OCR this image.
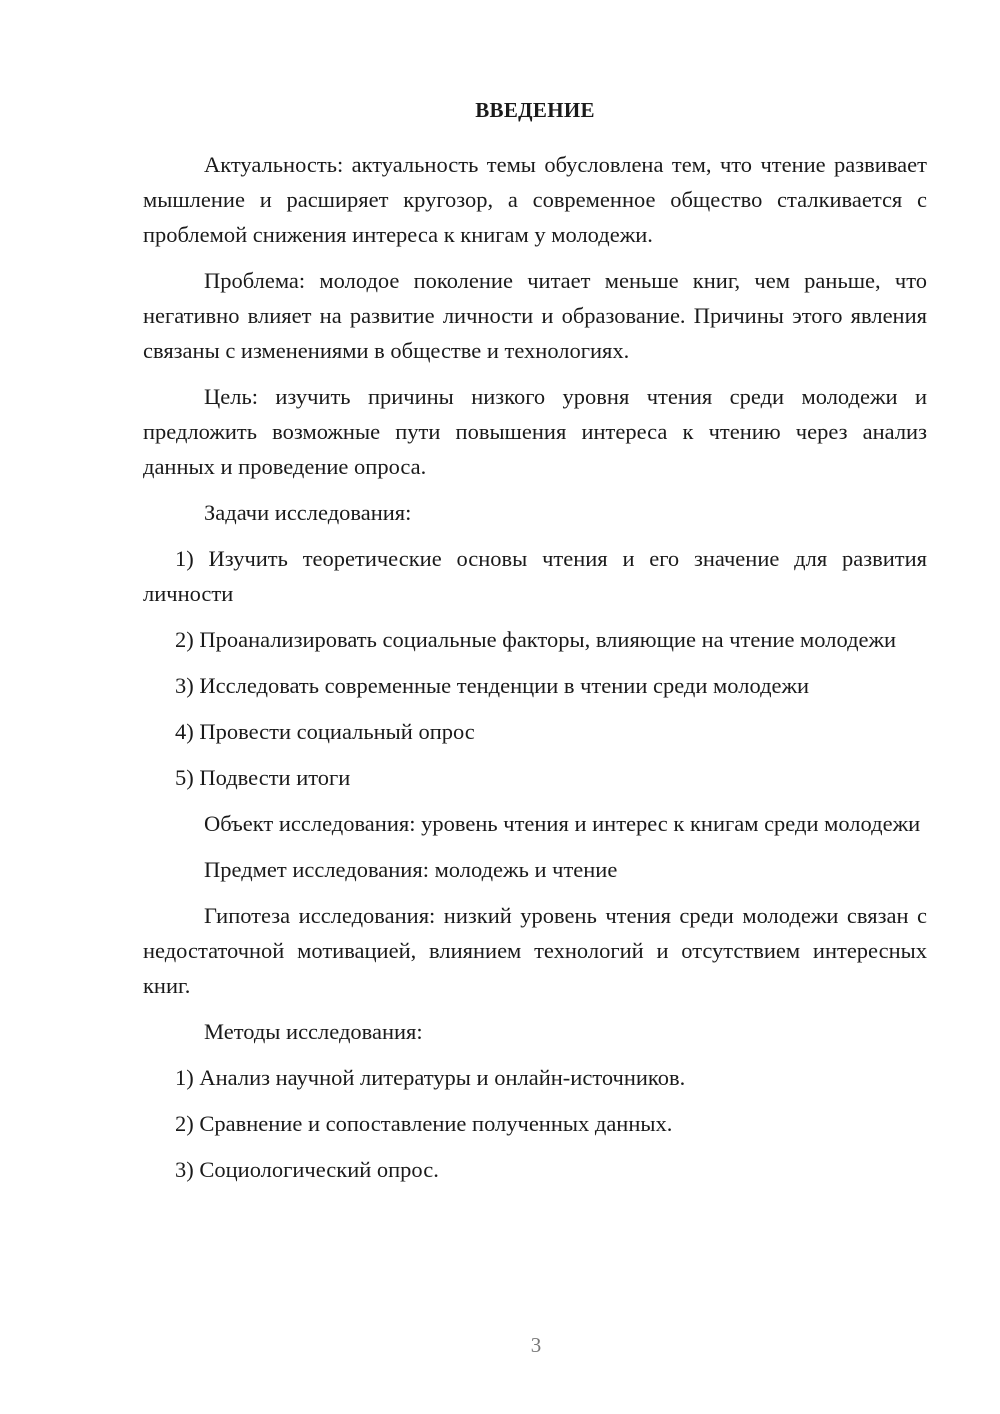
ВВЕДЕНИЕ

Актуальность: актуальность темы обусловлена тем, что чтение развивает мышление и расширяет кругозор, а современное общество сталкивается с проблемой снижения интереса к книгам у молодежи.

Проблема: молодое поколение читает меньше книг, чем раньше, что негативно влияет на развитие личности и образование. Причины этого явления связаны с изменениями в обществе и технологиях.

Цель: изучить причины низкого уровня чтения среди молодежи и предложить возможные пути повышения интереса к чтению через анализ данных и проведение опроса.

Задачи исследования:

1) Изучить теоретические основы чтения и его значение для развития личности

2) Проанализировать социальные факторы, влияющие на чтение молодежи

3) Исследовать современные тенденции в чтении среди молодежи

4) Провести социальный опрос

5) Подвести итоги

Объект исследования: уровень чтения и интерес к книгам среди молодежи

Предмет исследования: молодежь и чтение

Гипотеза исследования: низкий уровень чтения среди молодежи связан с недостаточной мотивацией, влиянием технологий и отсутствием интересных книг.

Методы исследования:

1) Анализ научной литературы и онлайн-источников.

2) Сравнение и сопоставление полученных данных.

3) Социологический опрос.

3
